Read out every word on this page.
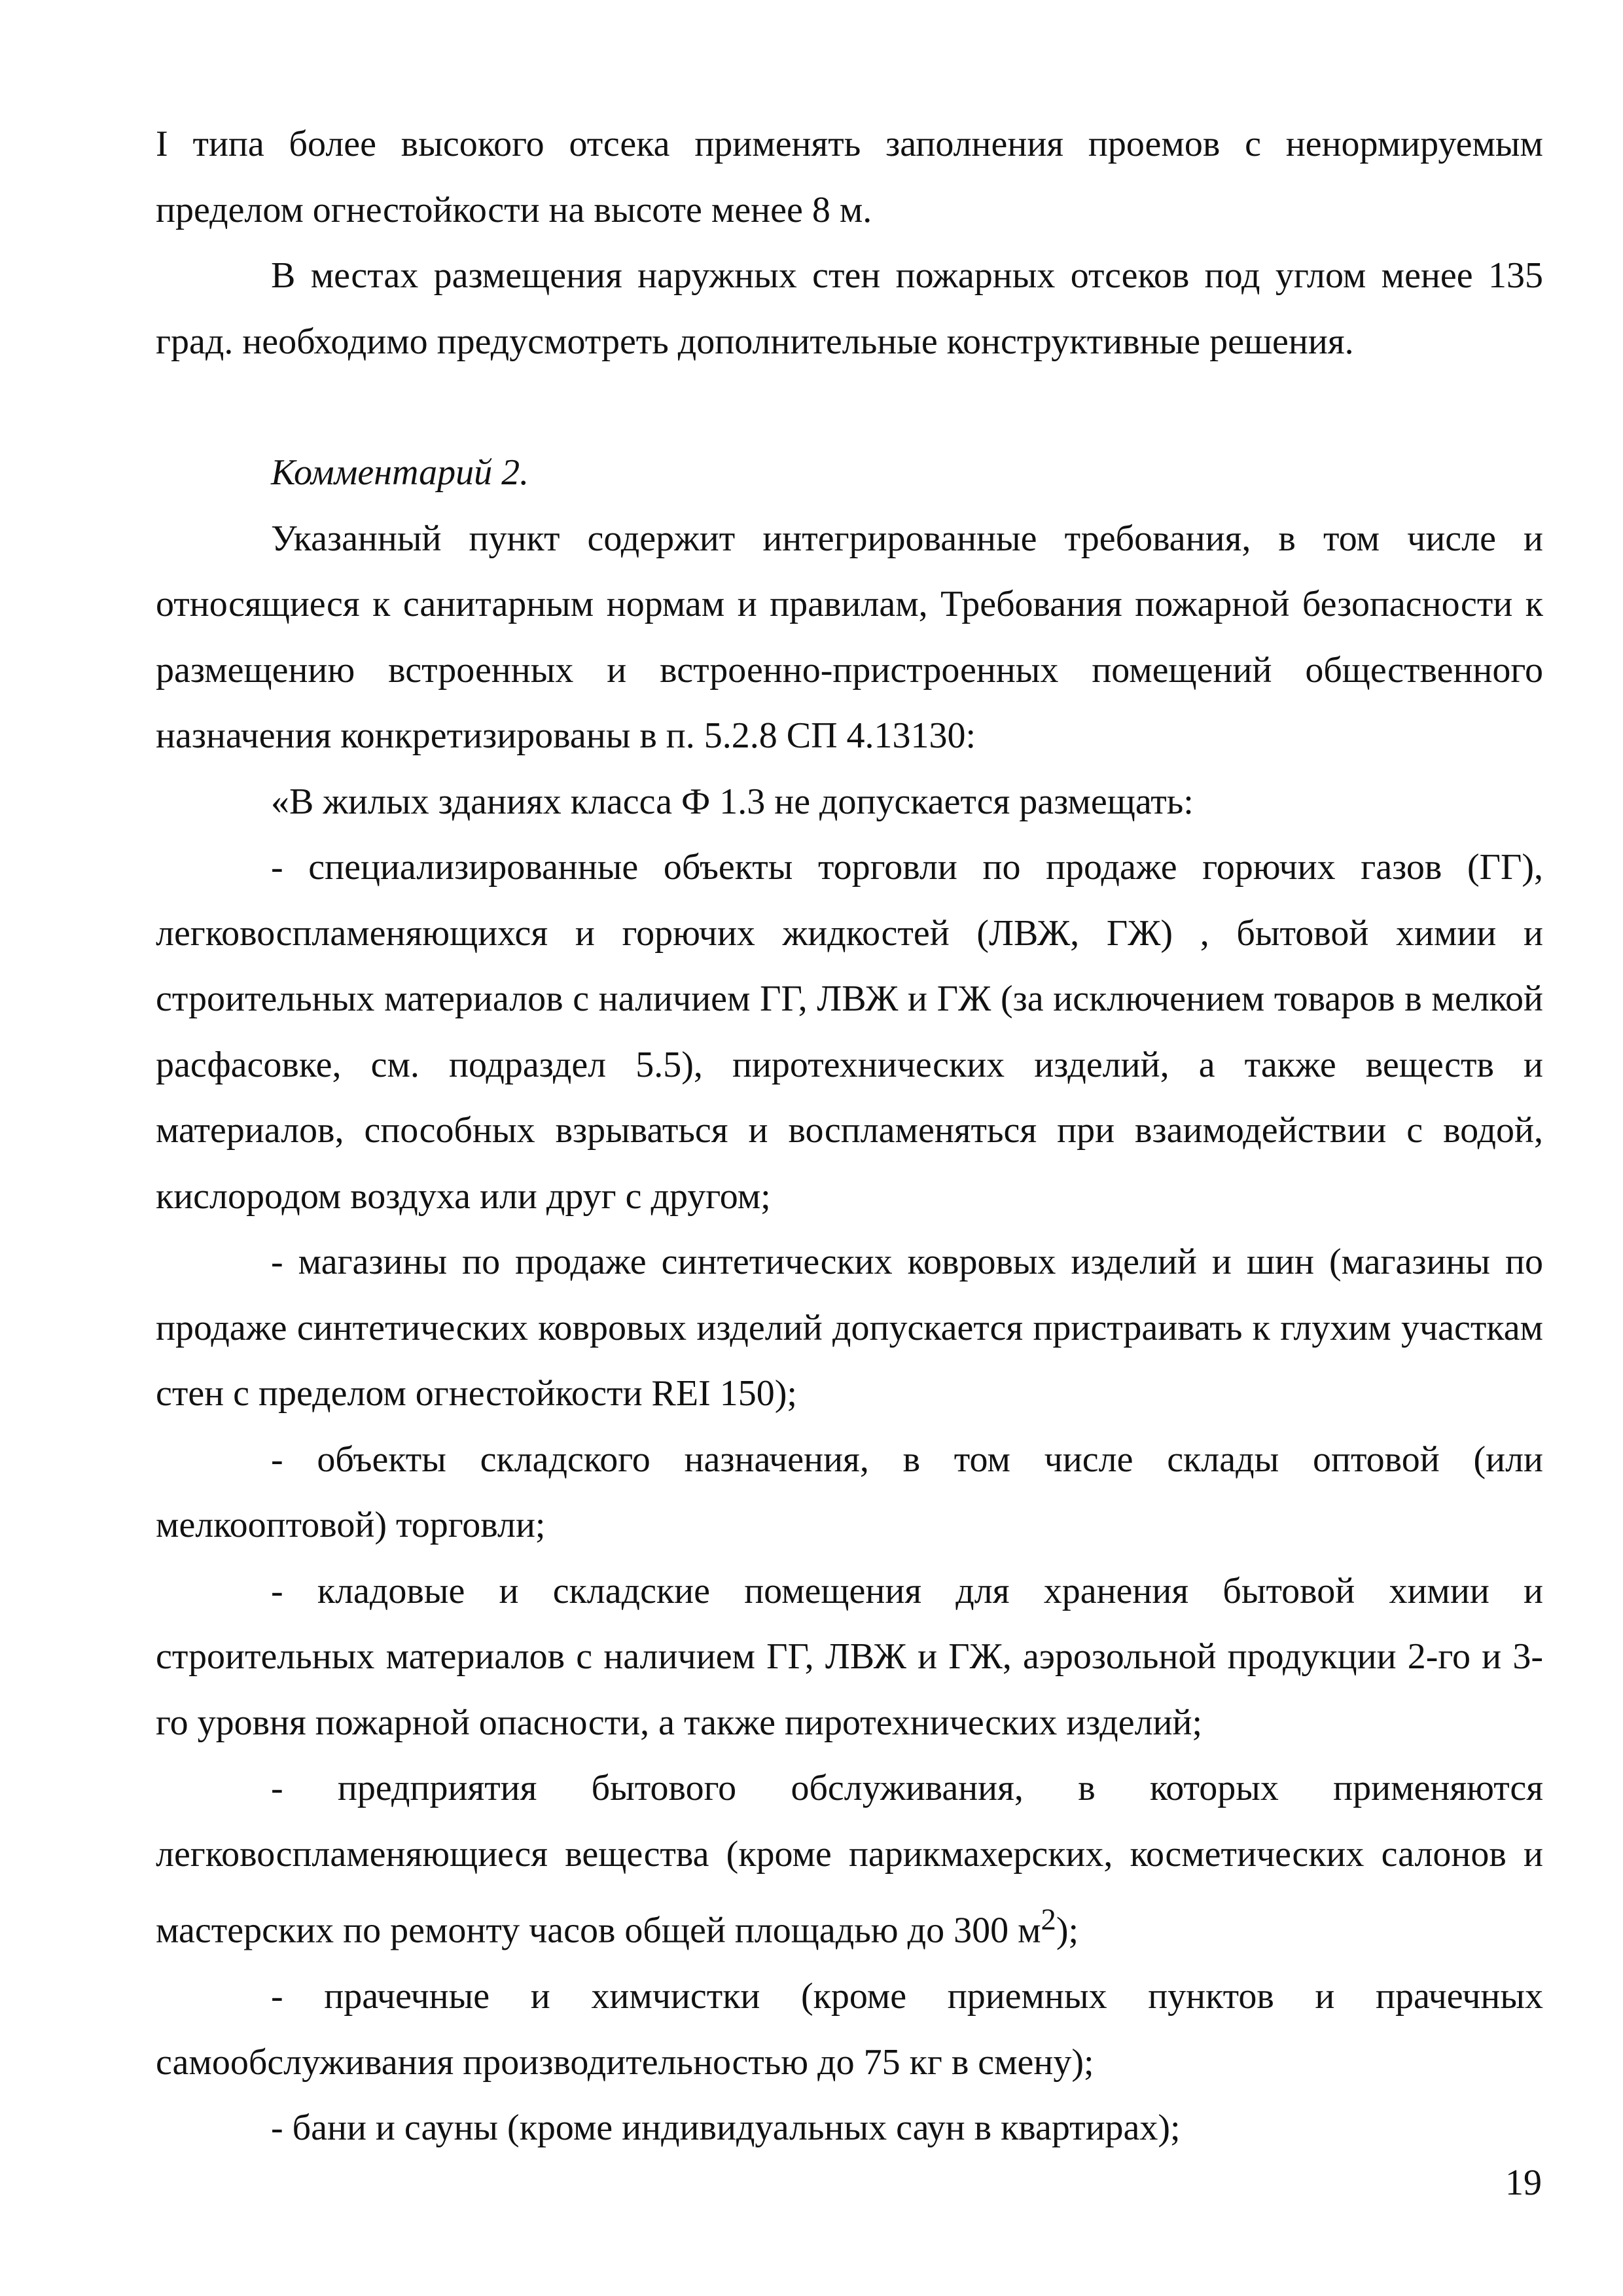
I типа более высокого отсека применять заполнения проемов с ненормируемым пределом огнестойкости на высоте менее 8 м.

В местах размещения наружных стен пожарных отсеков под углом менее 135 град. необходимо предусмотреть дополнительные конструктивные решения.

Комментарий 2.

Указанный пункт содержит интегрированные требования, в том числе и относящиеся к санитарным нормам и правилам, Требования пожарной безопасности к размещению встроенных и встроенно-пристроенных помещений общественного назначения конкретизированы в п. 5.2.8 СП 4.13130:

«В жилых зданиях класса Ф 1.3 не допускается размещать:

- специализированные объекты торговли по продаже горючих газов (ГГ), легковоспламеняющихся и горючих жидкостей (ЛВЖ, ГЖ) , бытовой химии и строительных материалов с наличием ГГ, ЛВЖ и ГЖ (за исключением товаров в мелкой расфасовке, см. подраздел 5.5), пиротехнических изделий, а также веществ и материалов, способных взрываться и воспламеняться при взаимодействии с водой, кислородом воздуха или друг с другом;

- магазины по продаже синтетических ковровых изделий и шин (магазины по продаже синтетических ковровых изделий допускается пристраивать к глухим участкам стен с пределом огнестойкости REI 150);

- объекты складского назначения, в том числе склады оптовой (или мелкооптовой) торговли;

- кладовые и складские помещения для хранения бытовой химии и строительных материалов с наличием ГГ, ЛВЖ и ГЖ, аэрозольной продукции 2-го и 3-го уровня пожарной опасности, а также пиротехнических изделий;

- предприятия бытового обслуживания, в которых применяются легковоспламеняющиеся вещества (кроме парикмахерских, косметических салонов и мастерских по ремонту часов общей площадью до 300 $м^2$);

- прачечные и химчистки (кроме приемных пунктов и прачечных самообслуживания производительностью до 75 кг в смену);

- бани и сауны (кроме индивидуальных саун в квартирах);

19
